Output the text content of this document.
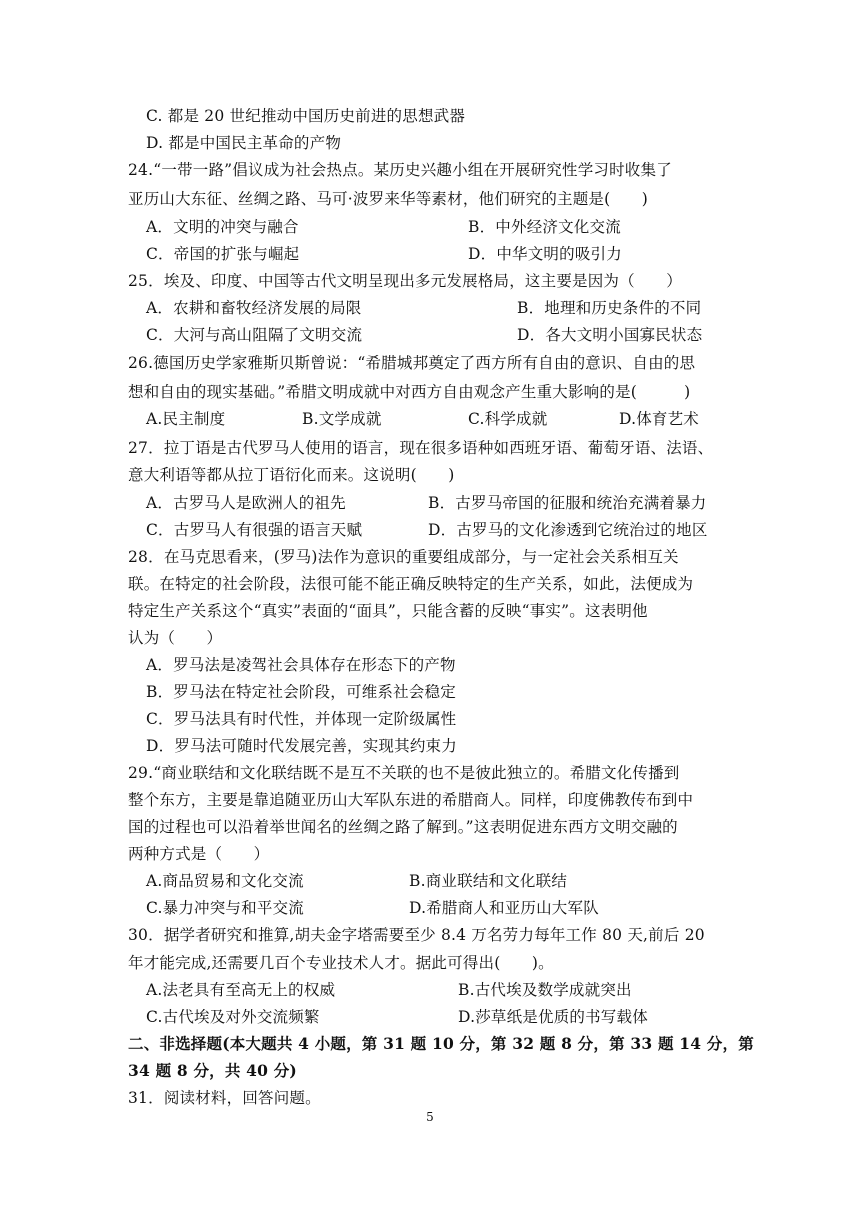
C. 都是 20 世纪推动中国历史前进的思想武器
D. 都是中国民主革命的产物
24.“一带一路”倡议成为社会热点。某历史兴趣小组在开展研究性学习时收集了
亚历山大东征、丝绸之路、马可·波罗来华等素材，他们研究的主题是(　　)
A．文明的冲突与融合	B．中外经济文化交流
C．帝国的扩张与崛起	D．中华文明的吸引力
25．埃及、印度、中国等古代文明呈现出多元发展格局，这主要是因为（　　）
A．农耕和畜牧经济发展的局限	B．地理和历史条件的不同
C．大河与高山阻隔了文明交流	D．各大文明小国寡民状态
26.德国历史学家雅斯贝斯曾说：“希腊城邦奠定了西方所有自由的意识、自由的思
想和自由的现实基础。”希腊文明成就中对西方自由观念产生重大影响的是(　　　)
A.民主制度	B.文学成就	C.科学成就	D.体育艺术
27．拉丁语是古代罗马人使用的语言，现在很多语种如西班牙语、葡萄牙语、法语、
意大利语等都从拉丁语衍化而来。这说明(　　)
A．古罗马人是欧洲人的祖先	B．古罗马帝国的征服和统治充满着暴力
C．古罗马人有很强的语言天赋	D．古罗马的文化渗透到它统治过的地区
28．在马克思看来，(罗马)法作为意识的重要组成部分，与一定社会关系相互关
联。在特定的社会阶段，法很可能不能正确反映特定的生产关系，如此，法便成为
特定生产关系这个“真实”表面的“面具”，只能含蓄的反映“事实”。这表明他
认为（　　）
A．罗马法是凌驾社会具体存在形态下的产物
B．罗马法在特定社会阶段，可维系社会稳定
C．罗马法具有时代性，并体现一定阶级属性
D．罗马法可随时代发展完善，实现其约束力
29.“商业联结和文化联结既不是互不关联的也不是彼此独立的。希腊文化传播到
整个东方，主要是靠追随亚历山大军队东进的希腊商人。同样，印度佛教传布到中
国的过程也可以沿着举世闻名的丝绸之路了解到。”这表明促进东西方文明交融的
两种方式是（　　）
A.商品贸易和文化交流	B.商业联结和文化联结
C.暴力冲突与和平交流	D.希腊商人和亚历山大军队
30．据学者研究和推算,胡夫金字塔需要至少 8.4 万名劳力每年工作 80 天,前后 20
年才能完成,还需要几百个专业技术人才。据此可得出(　　)。
A.法老具有至高无上的权威	B.古代埃及数学成就突出
C.古代埃及对外交流频繁	D.莎草纸是优质的书写载体
二、非选择题(本大题共 4 小题，第 31 题 10 分，第 32 题 8 分，第 33 题 14 分，第
34 题 8 分，共 40 分)
31．阅读材料，回答问题。
5
